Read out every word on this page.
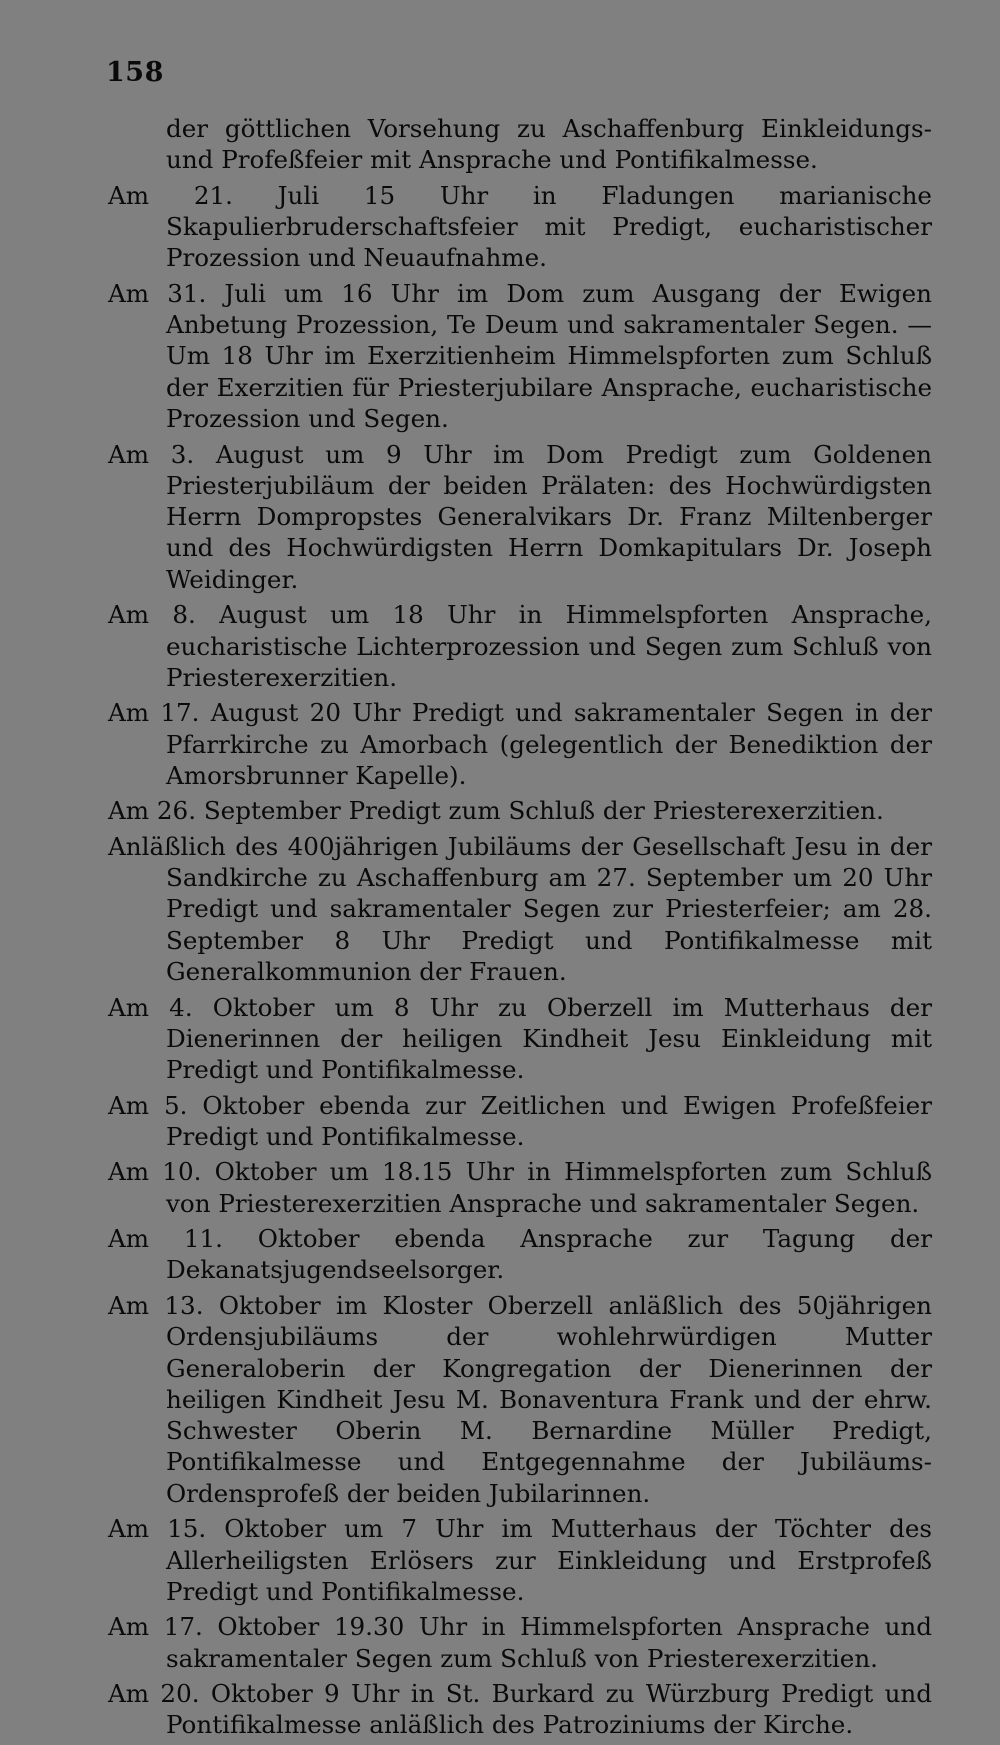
158

der göttlichen Vorsehung zu Aschaffenburg Einkleidungs- und Profeßfeier mit Ansprache und Pontifikalmesse.

Am 21. Juli 15 Uhr in Fladungen marianische Skapulierbruderschaftsfeier mit Predigt, eucharistischer Prozession und Neuaufnahme.

Am 31. Juli um 16 Uhr im Dom zum Ausgang der Ewigen Anbetung Prozession, Te Deum und sakramentaler Segen. — Um 18 Uhr im Exerzitienheim Himmelspforten zum Schluß der Exerzitien für Priesterjubilare Ansprache, eucharistische Prozession und Segen.

Am 3. August um 9 Uhr im Dom Predigt zum Goldenen Priesterjubiläum der beiden Prälaten: des Hochwürdigsten Herrn Dompropstes Generalvikars Dr. Franz Miltenberger und des Hochwürdigsten Herrn Domkapitulars Dr. Joseph Weidinger.

Am 8. August um 18 Uhr in Himmelspforten Ansprache, eucharistische Lichterprozession und Segen zum Schluß von Priesterexerzitien.

Am 17. August 20 Uhr Predigt und sakramentaler Segen in der Pfarrkirche zu Amorbach (gelegentlich der Benediktion der Amorsbrunner Kapelle).

Am 26. September Predigt zum Schluß der Priesterexerzitien.

Anläßlich des 400jährigen Jubiläums der Gesellschaft Jesu in der Sandkirche zu Aschaffenburg am 27. September um 20 Uhr Predigt und sakramentaler Segen zur Priesterfeier; am 28. September 8 Uhr Predigt und Pontifikalmesse mit Generalkommunion der Frauen.

Am 4. Oktober um 8 Uhr zu Oberzell im Mutterhaus der Dienerinnen der heiligen Kindheit Jesu Einkleidung mit Predigt und Pontifikalmesse.

Am 5. Oktober ebenda zur Zeitlichen und Ewigen Profeßfeier Predigt und Pontifikalmesse.

Am 10. Oktober um 18.15 Uhr in Himmelspforten zum Schluß von Priesterexerzitien Ansprache und sakramentaler Segen.

Am 11. Oktober ebenda Ansprache zur Tagung der Dekanatsjugendseelsorger.

Am 13. Oktober im Kloster Oberzell anläßlich des 50jährigen Ordensjubiläums der wohlehrwürdigen Mutter Generaloberin der Kongregation der Dienerinnen der heiligen Kindheit Jesu M. Bonaventura Frank und der ehrw. Schwester Oberin M. Bernardine Müller Predigt, Pontifikalmesse und Entgegennahme der Jubiläums-Ordensprofeß der beiden Jubilarinnen.

Am 15. Oktober um 7 Uhr im Mutterhaus der Töchter des Allerheiligsten Erlösers zur Einkleidung und Erstprofeß Predigt und Pontifikalmesse.

Am 17. Oktober 19.30 Uhr in Himmelspforten Ansprache und sakramentaler Segen zum Schluß von Priesterexerzitien.

Am 20. Oktober 9 Uhr in St. Burkard zu Würzburg Predigt und Pontifikalmesse anläßlich des Patroziniums der Kirche.
